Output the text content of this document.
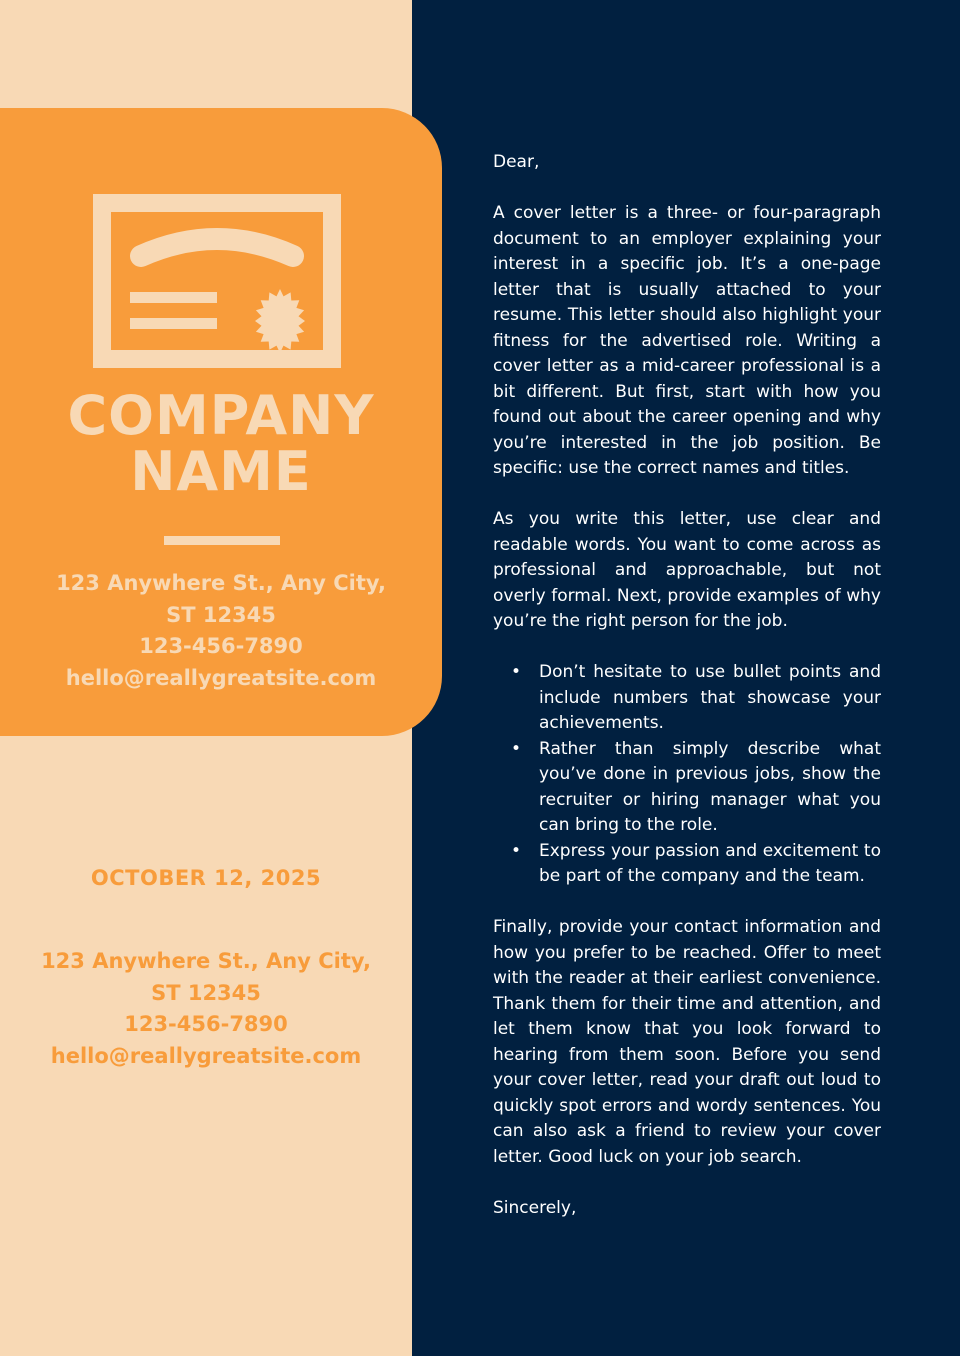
COMPANY
NAME
123 Anywhere St., Any City,
ST 12345
123-456-7890
hello@reallygreatsite.com
OCTOBER 12, 2025
123 Anywhere St., Any City,
ST 12345
123-456-7890
hello@reallygreatsite.com

Dear,

A cover letter is a three- or four-paragraph document to an employer explaining your interest in a specific job. It’s a one-page letter that is usually attached to your resume. This letter should also highlight your fitness for the advertised role. Writing a cover letter as a mid-career professional is a bit different. But first, start with how you found out about the career opening and why you’re interested in the job position. Be specific: use the correct names and titles.

As you write this letter, use clear and readable words. You want to come across as professional and approachable, but not overly formal. Next, provide examples of why you’re the right person for the job.

• Don’t hesitate to use bullet points and include numbers that showcase your achievements.
• Rather than simply describe what you’ve done in previous jobs, show the recruiter or hiring manager what you can bring to the role.
• Express your passion and excitement to be part of the company and the team.

Finally, provide your contact information and how you prefer to be reached. Offer to meet with the reader at their earliest convenience. Thank them for their time and attention, and let them know that you look forward to hearing from them soon. Before you send your cover letter, read your draft out loud to quickly spot errors and wordy sentences. You can also ask a friend to review your cover letter. Good luck on your job search.

Sincerely,
